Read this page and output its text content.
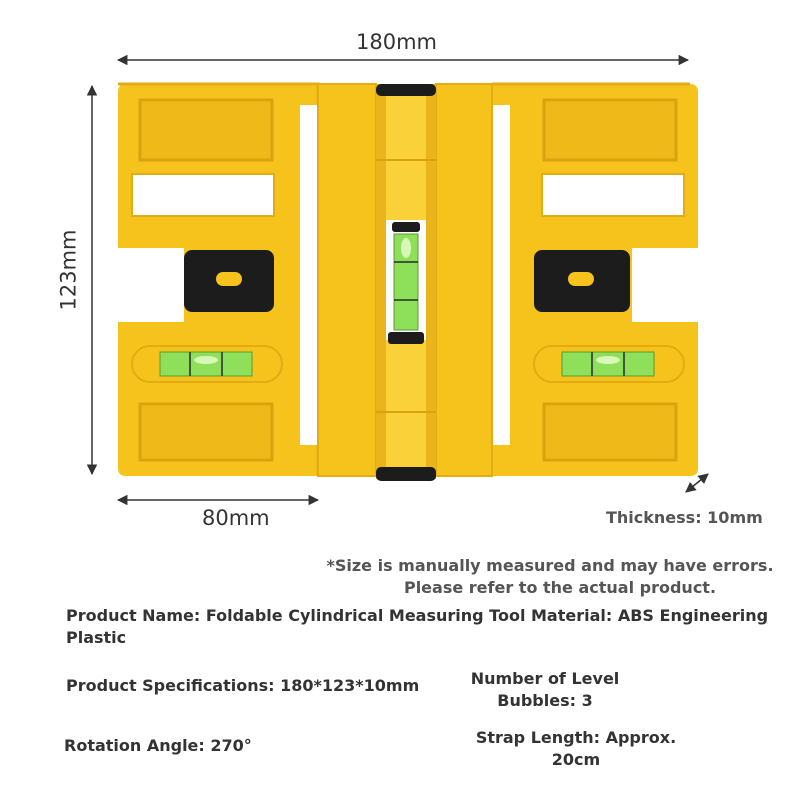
180mm
123mm
80mm	Thickness: 10mm
*Size is manually measured and may have errors.
Please refer to the actual product.
Product Name: Foldable Cylindrical Measuring Tool Material: ABS Engineering Plastic
Product Specifications: 180*123*10mm	Number of Level Bubbles: 3
Rotation Angle: 270°	Strap Length: Approx. 20cm
